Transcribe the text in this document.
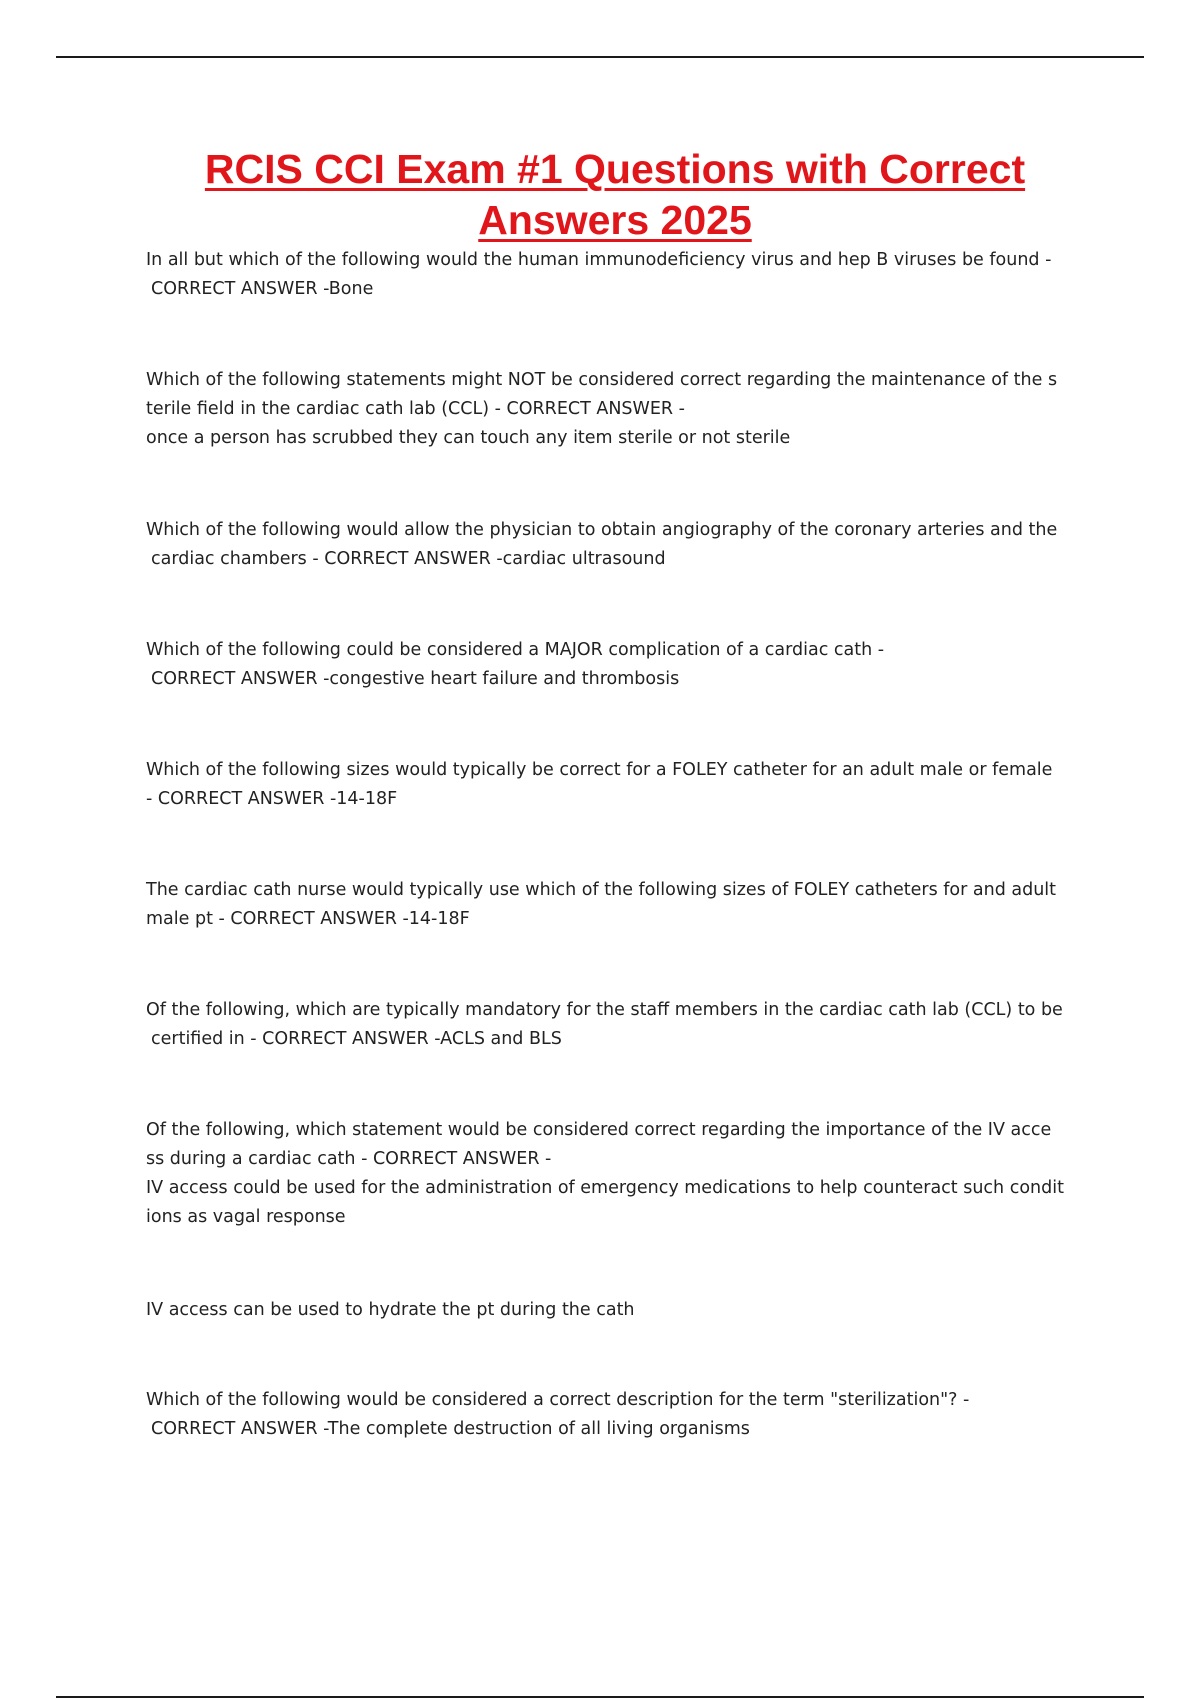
RCIS CCI Exam #1 Questions with Correct
Answers 2025
In all but which of the following would the human immunodeficiency virus and hep B viruses be found -
CORRECT ANSWER -Bone
Which of the following statements might NOT be considered correct regarding the maintenance of the s
terile field in the cardiac cath lab (CCL) - CORRECT ANSWER -
once a person has scrubbed they can touch any item sterile or not sterile
Which of the following would allow the physician to obtain angiography of the coronary arteries and the
cardiac chambers - CORRECT ANSWER -cardiac ultrasound
Which of the following could be considered a MAJOR complication of a cardiac cath -
CORRECT ANSWER -congestive heart failure and thrombosis
Which of the following sizes would typically be correct for a FOLEY catheter for an adult male or female
- CORRECT ANSWER -14-18F
The cardiac cath nurse would typically use which of the following sizes of FOLEY catheters for and adult
male pt - CORRECT ANSWER -14-18F
Of the following, which are typically mandatory for the staff members in the cardiac cath lab (CCL) to be
certified in - CORRECT ANSWER -ACLS and BLS
Of the following, which statement would be considered correct regarding the importance of the IV acce
ss during a cardiac cath - CORRECT ANSWER -
IV access could be used for the administration of emergency medications to help counteract such condit
ions as vagal response
IV access can be used to hydrate the pt during the cath
Which of the following would be considered a correct description for the term "sterilization"? -
CORRECT ANSWER -The complete destruction of all living organisms
